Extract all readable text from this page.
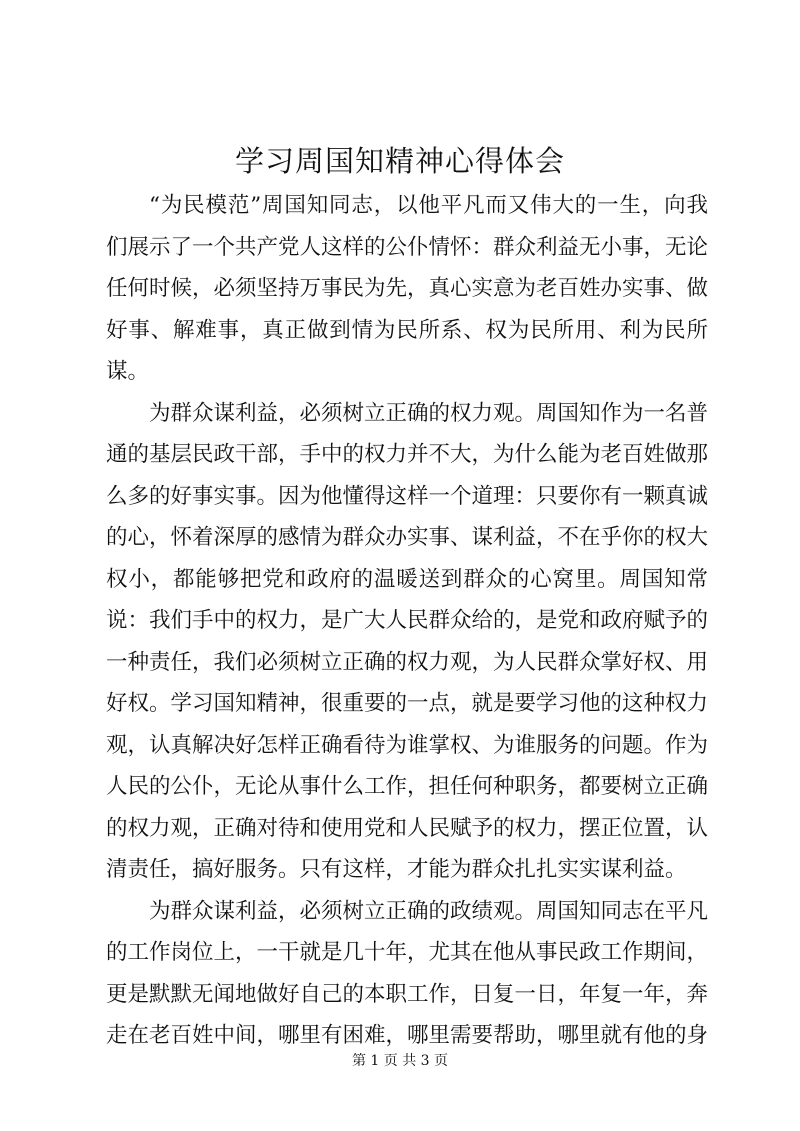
学习周国知精神心得体会

“为民模范”周国知同志，以他平凡而又伟大的一生，向我们展示了一个共产党人这样的公仆情怀：群众利益无小事，无论任何时候，必须坚持万事民为先，真心实意为老百姓办实事、做好事、解难事，真正做到情为民所系、权为民所用、利为民所谋。

为群众谋利益，必须树立正确的权力观。周国知作为一名普通的基层民政干部，手中的权力并不大，为什么能为老百姓做那么多的好事实事。因为他懂得这样一个道理：只要你有一颗真诚的心，怀着深厚的感情为群众办实事、谋利益，不在乎你的权大权小，都能够把党和政府的温暖送到群众的心窝里。周国知常说：我们手中的权力，是广大人民群众给的，是党和政府赋予的一种责任，我们必须树立正确的权力观，为人民群众掌好权、用好权。学习国知精神，很重要的一点，就是要学习他的这种权力观，认真解决好怎样正确看待为谁掌权、为谁服务的问题。作为人民的公仆，无论从事什么工作，担任何种职务，都要树立正确的权力观，正确对待和使用党和人民赋予的权力，摆正位置，认清责任，搞好服务。只有这样，才能为群众扎扎实实谋利益。

为群众谋利益，必须树立正确的政绩观。周国知同志在平凡的工作岗位上，一干就是几十年，尤其在他从事民政工作期间，更是默默无闻地做好自己的本职工作，日复一日，年复一年，奔走在老百姓中间，哪里有困难，哪里需要帮助，哪里就有他的身

第 1 页 共 3 页
